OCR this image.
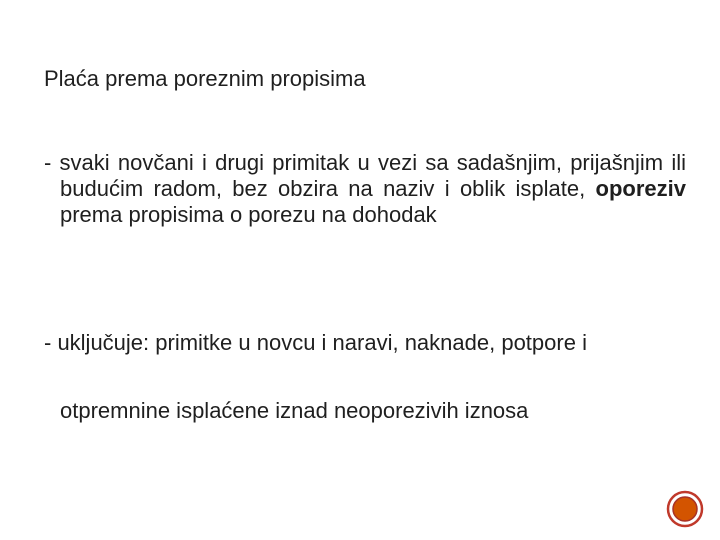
Plaća prema poreznim propisima

- svaki novčani i drugi primitak u vezi sa sadašnjim, prijašnjim ili budućim radom, bez obzira na naziv i oblik isplate, oporeziv prema propisima o porezu na dohodak

- uključuje: primitke u novcu i naravi, naknade, potpore i

otpremnine isplaćene iznad neoporezivih iznosa
